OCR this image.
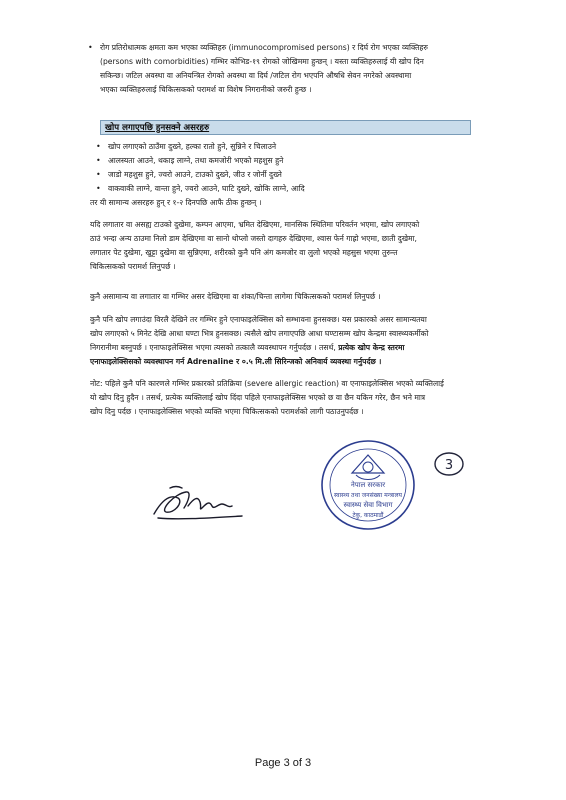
• रोग प्रतिरोधात्मक क्षमता कम भएका व्यक्तिहरु (immunocompromised persons) र दिर्घ रोग भएका व्यक्तिहरु
(persons with comorbidities) गम्भिर कोभिड-१९ रोगको जोखिममा हुन्छन् । यस्ता व्यक्तिहरुलाई यी खोप दिन
सकिन्छ। जटिल अवस्था वा अनियन्त्रित रोगको अवस्था वा दिर्घ /जटिल रोग भएपनि औषधि सेवन नगरेको अवस्थामा
भएका व्यक्तिहरुलाई चिकित्सकको परामर्श वा विशेष निगरानीको जरुरी हुन्छ ।
खोप लगाएपछि हुनसक्ने असरहरु
• खोप लगाएको ठाउँमा दुख्ने, हल्का रातो हुने, सुन्निने र चिलाउने
• आलस्यता आउने, थकाइ लाग्ने, तथा कमजोरी भएको महशुस हुने
• जाडो महशुस हुने, ज्वरो आउने, टाउको दुख्ने, जीउ र जोर्नी दुख्ने
• वाकवाकी लाग्ने, वान्ता हुने, ज्वरो आउने, घाटि दुख्ने, खोकि लाग्ने, आदि
तर यी सामान्य असरहरु हुन् र १-२ दिनपछि आफै ठीक हुन्छन् ।
यदि लगातार वा असह्य टाउको दुखेमा, कम्पन आएमा, भ्रमित देखिएमा, मानसिक स्थितिमा परिवर्तन भएमा, खोप लगाएको
ठाउं भन्दा अन्य ठाउमा निलो डाम देखिएमा वा सानो थोप्लो जस्तो दागहरु देखिएमा, श्वास फेर्न गाह्रो भएमा, छाती दुखेमा,
लगातार पेट दुखेमा, खुट्टा दुखेमा वा सुन्निएमा, शरीरको कुनै पनि अंग कमजोर वा लुलो भएको महसुस भएमा तुरुन्त
चिकित्सकको परामर्श लिनुपर्छ ।
कुनै असामान्य वा लगातार वा गम्भिर असर देखिएमा वा शंका/चिन्ता लागेमा चिकित्सकको परामर्श लिनुपर्छ ।
कुनै पनि खोप लगाउंदा विरलै देखिने तर गम्भिर हुने एनाफाइलेक्सिस को सम्भावना हुनसक्छ। यस प्रकारको असर सामान्यतया
खोप लगाएको ५ मिनेट देखि आधा घण्टा भित्र हुनसक्छ। त्यसैले खोप लगाएपछि आधा घण्टासम्म खोप केन्द्रमा स्वास्थ्यकर्मीको
निगरानीमा बस्नुपर्छ । एनाफाइलेक्सिस भएमा त्यसको तत्कालै व्यवस्थापन गर्नुपर्दछ । तसर्थ, प्रत्येक खोप केन्द्र स्तरमा
एनाफाइलेक्सिसको व्यवस्थापन गर्न Adrenaline र ०.५ मि.ली सिरिन्जको अनिवार्य व्यवस्था गर्नुपर्दछ ।
नोट: पहिले कुनै पनि कारणले गम्भिर प्रकारको प्रतिक्रिया (severe allergic reaction) वा एनाफाइलेक्सिस भएको व्यक्तिलाई
यो खोप दिनु हुदैन । तसर्थ, प्रत्येक व्यक्तिलाई खोप दिंदा पहिले एनाफाइलेक्सिस भएको छ वा छैन यकिन गरेर, छैन भने मात्र
खोप दिनु पर्दछ । एनाफाइलेक्सिस भएको व्यक्ति भएमा चिकित्सकको परामर्शको लागी पठाउनुपर्दछ ।
नेपाल सरकार
स्वास्थ्य तथा जनसंख्या मन्त्रालय
स्वास्थ्य सेवा विभाग
टेकु, काठमाडौं
3
Page 3 of 3
